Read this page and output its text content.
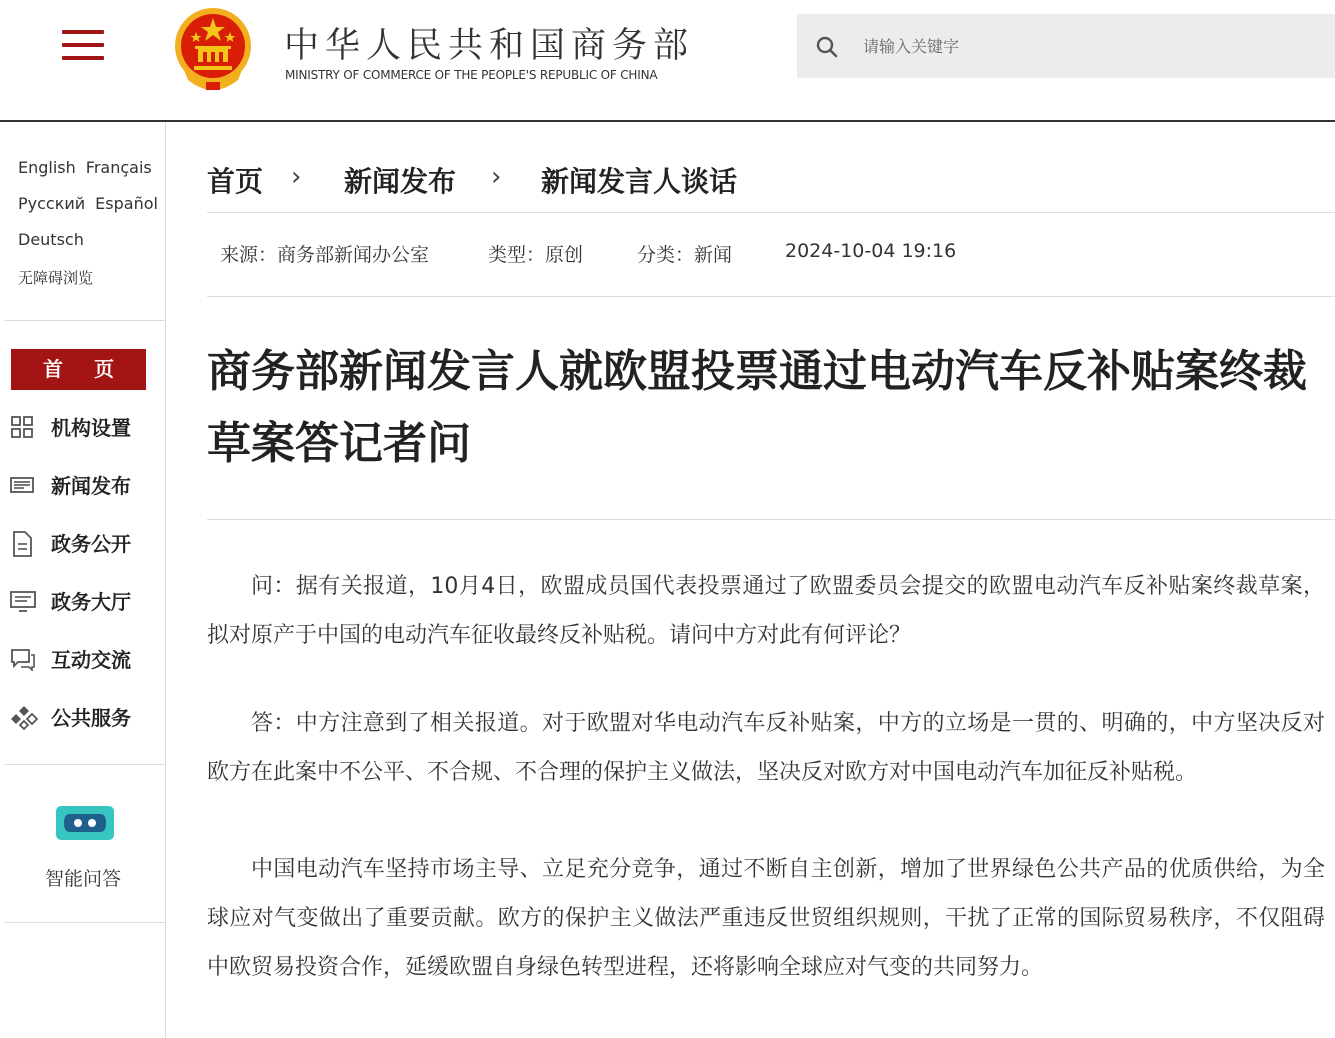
中华人民共和国商务部
MINISTRY OF COMMERCE OF THE PEOPLE'S REPUBLIC OF CHINA
请输入关键字
English Français
Русский Español
Deutsch
无障碍浏览
首 页
机构设置
新闻发布
政务公开
政务大厅
互动交流
公共服务
智能问答
首页 › 新闻发布 › 新闻发言人谈话
来源：商务部新闻办公室	类型：原创	分类：新闻	2024-10-04 19:16
商务部新闻发言人就欧盟投票通过电动汽车反补贴案终裁草案答记者问

问：据有关报道，10月4日，欧盟成员国代表投票通过了欧盟委员会提交的欧盟电动汽车反补贴案终裁草案，拟对原产于中国的电动汽车征收最终反补贴税。请问中方对此有何评论？

答：中方注意到了相关报道。对于欧盟对华电动汽车反补贴案，中方的立场是一贯的、明确的，中方坚决反对欧方在此案中不公平、不合规、不合理的保护主义做法，坚决反对欧方对中国电动汽车加征反补贴税。

中国电动汽车坚持市场主导、立足充分竞争，通过不断自主创新，增加了世界绿色公共产品的优质供给，为全球应对气变做出了重要贡献。欧方的保护主义做法严重违反世贸组织规则，干扰了正常的国际贸易秩序，不仅阻碍中欧贸易投资合作，延缓欧盟自身绿色转型进程，还将影响全球应对气变的共同努力。
